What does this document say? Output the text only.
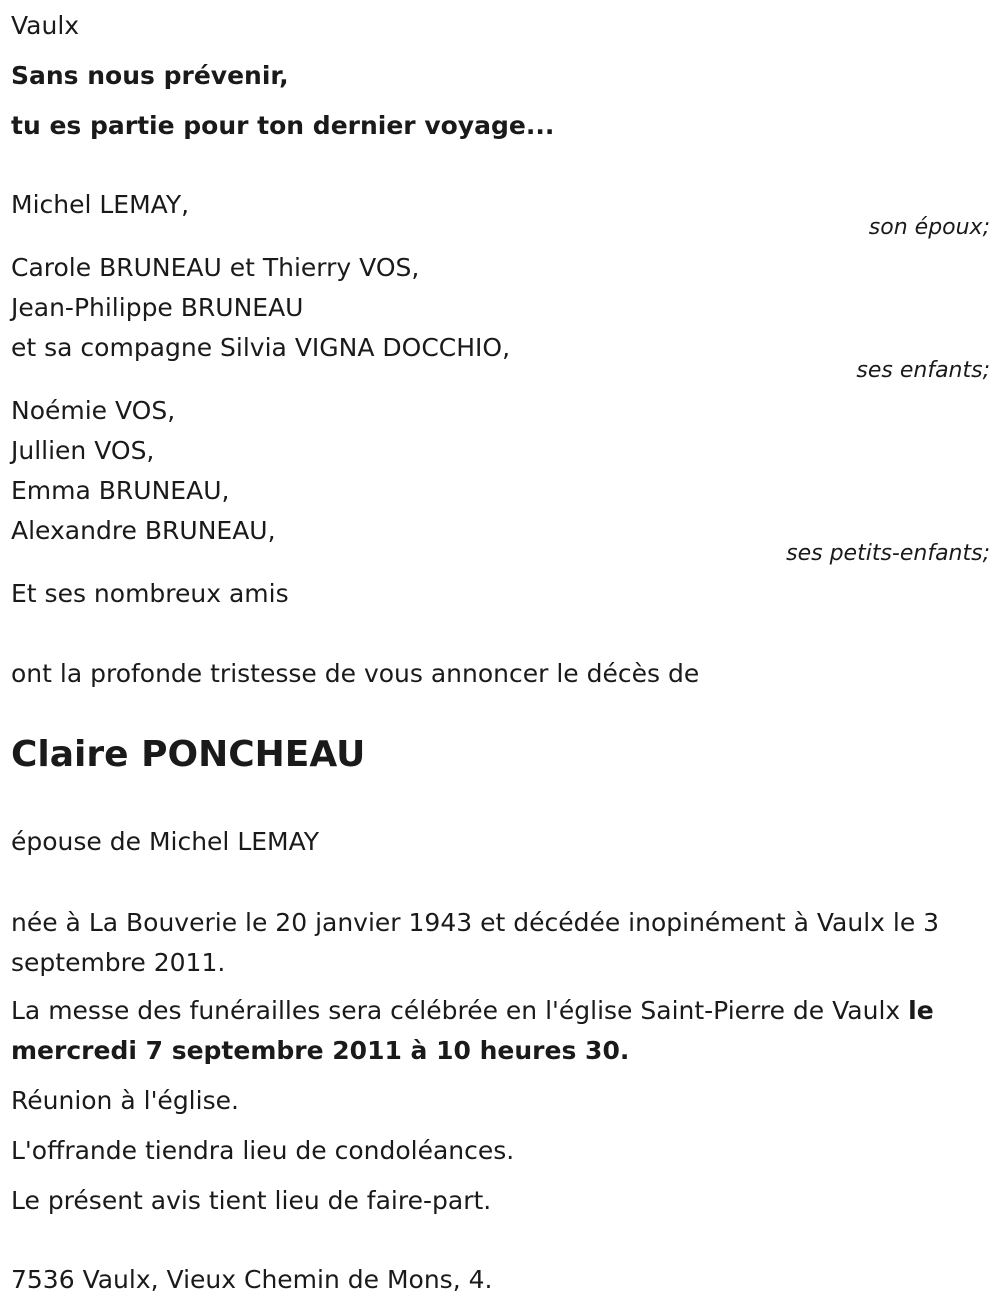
Vaulx
Sans nous prévenir,
tu es partie pour ton dernier voyage...
Michel LEMAY,
son époux;
Carole BRUNEAU et Thierry VOS,
Jean-Philippe BRUNEAU
et sa compagne Silvia VIGNA DOCCHIO,
ses enfants;
Noémie VOS,
Jullien VOS,
Emma BRUNEAU,
Alexandre BRUNEAU,
ses petits-enfants;
Et ses nombreux amis
ont la profonde tristesse de vous annoncer le décès de
Claire PONCHEAU
épouse de Michel LEMAY
née à La Bouverie le 20 janvier 1943 et décédée inopinément à Vaulx le 3 septembre 2011.
La messe des funérailles sera célébrée en l'église Saint-Pierre de Vaulx le mercredi 7 septembre 2011 à 10 heures 30.
Réunion à l'église.
L'offrande tiendra lieu de condoléances.
Le présent avis tient lieu de faire-part.
7536 Vaulx, Vieux Chemin de Mons, 4.
